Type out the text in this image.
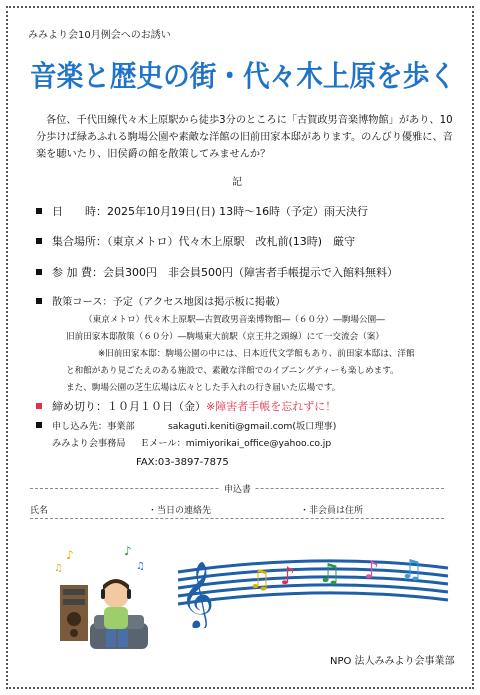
みみより会10月例会へのお誘い
音楽と歴史の街・代々木上原を歩く
各位、千代田線代々木上原駅から徒歩3分のところに「古賀政男音楽博物館」があり、10分歩けば緑あふれる駒場公園や素敵な洋館の旧前田家本邸があります。のんびり優雅に、音楽を聴いたり、旧侯爵の館を散策してみませんか？
記
日　　時：2025年10月19日(日) 13時～16時（予定）雨天決行
集合場所：（東京メトロ）代々木上原駅　改札前(13時)　厳守
参 加 費：会員300円　非会員500円（障害者手帳提示で入館料無料）
散策コース：予定（アクセス地図は掲示板に掲載）
（東京メトロ）代々木上原駅―古賀政男音楽博物館―（６０分）―駒場公園―
旧前田家本邸散策（６０分）―駒場東大前駅（京王井之頭線）にて一交流会（案）
※旧前田家本邸：駒場公園の中には、日本近代文学館もあり、前田家本邸は、洋館
と和館があり見ごたえのある施設で、素敵な洋館でのイブニングティーも楽しめます。
また、駒場公園の芝生広場は広々とした手入れの行き届いた広場です。
締め切り：１０月１０日（金）※障害者手帳を忘れずに！
申し込み先：事業部	sakaguti.keniti@gmail.com(坂口理事)
みみより会事務局 Ｅメール：mimiyorikai_office@yahoo.co.jp
FAX:03-3897-7875
申込書
氏名	・当日の連絡先	・非会員は住所
♪
♫
♪
♫ 𝄞 ♫ ♪ ♫ ♪ ♫
NPO 法人みみより会事業部
